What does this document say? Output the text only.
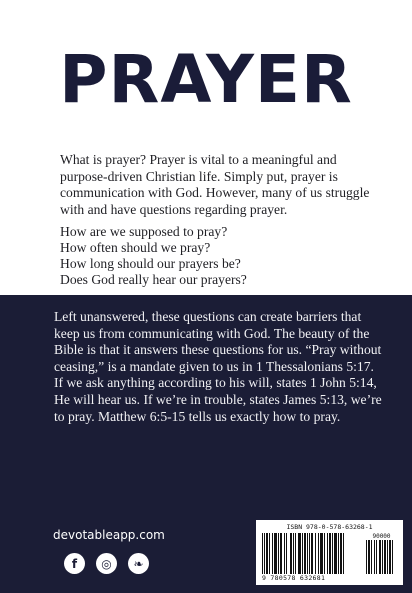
PRAYER

What is prayer? Prayer is vital to a meaningful and purpose-driven Christian life. Simply put, prayer is communication with God. However, many of us struggle with and have questions regarding prayer.

How are we supposed to pray?
How often should we pray?
How long should our prayers be?
Does God really hear our prayers?

Left unanswered, these questions can create barriers that keep us from communicating with God. The beauty of the Bible is that it answers these questions for us. “Pray without ceasing,” is a mandate given to us in 1 Thessalonians 5:17. If we ask anything according to his will, states 1 John 5:14, He will hear us. If we’re in trouble, states James 5:13, we’re to pray. Matthew 6:5-15 tells us exactly how to pray.

devotableapp.com
f	◎	❧
ISBN 978-0-578-63268-1
90000
9 780578 632681
